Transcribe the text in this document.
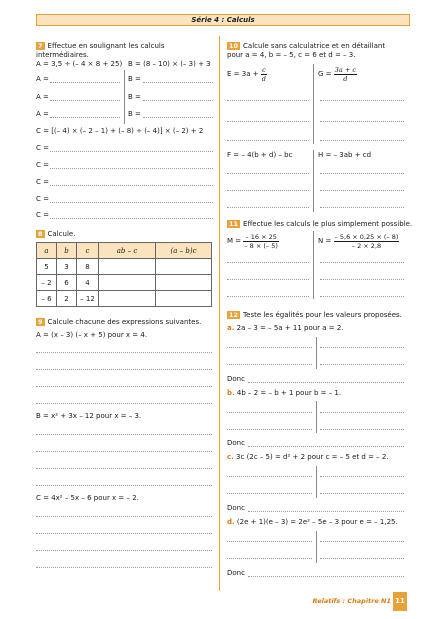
Série 4 : Calculs
7 Effectue en soulignant les calculs
intermédiaires.
A = 3,5 ÷ (– 4 × 8 + 25) B = (8 – 10) × (– 3) + 3
A =	B =
A =	B =
A =	B =
C = [(– 4) × (– 2 – 1) + (– 8) ÷ (– 4)] × (– 2) + 2
C =
C =
C =
C =
C =
8 Calcule.
a	b	c	ab – c	(a – b)c
5	3	8		
– 2	6	4		
– 6	2	– 12		
9 Calcule chacune des expressions suivantes.
A = (x – 3) (– x + 5) pour x = 4.
B = x² + 3x – 12 pour x = – 3.
C = 4x² – 5x – 6 pour x = – 2.
10 Calcule sans calculatrice et en détaillant
pour a = 4, b = – 5, c = 6 et d = – 3.
$E = 3a + \frac{c}{d}$	$G = \frac{3a + c}{d}$
F = – 4(b + d) – bc	H = – 3ab + cd
11 Effectue les calculs le plus simplement possible.
$M = \frac{- 16 \times 25}{- 8 \times (- 5)}$	$N = \frac{- 5,6 \times 0,25 \times (- 8)}{- 2 \times 2,8}$
12 Teste les égalités pour les valeurs proposées.
a. 2a – 3 = – 5a + 11 pour a = 2.
Donc
b. 4b – 2 = – b + 1 pour b = – 1.
Donc
c. 3c (2c – 5) = d² + 2 pour c = – 5 et d = – 2.
Donc
d. (2e + 1)(e – 3) = 2e² – 5e – 3 pour e = – 1,25.
Donc
Relatifs : Chapitre N1 11
